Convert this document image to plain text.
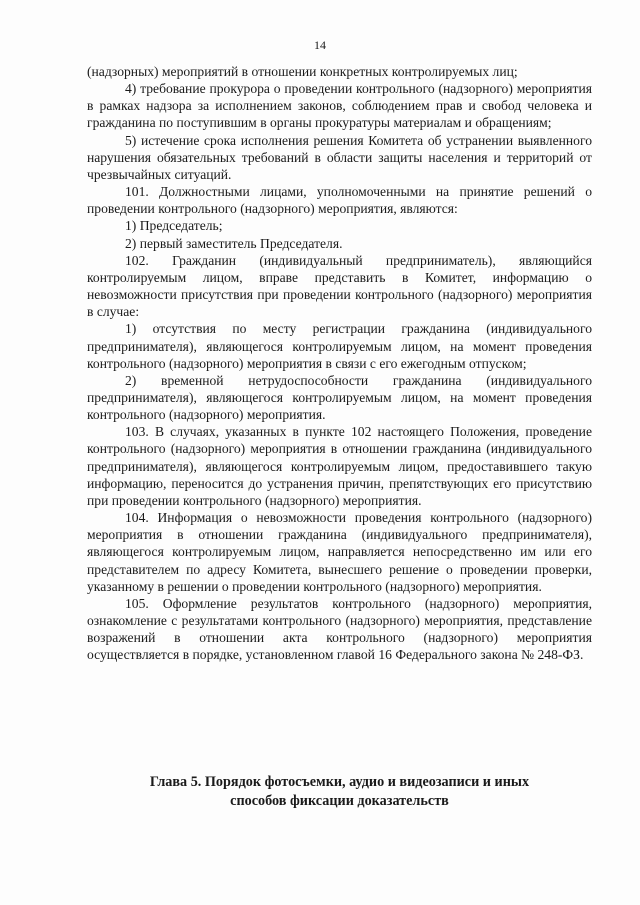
14

(надзорных) мероприятий в отношении конкретных контролируемых лиц;

4) требование прокурора о проведении контрольного (надзорного) мероприятия в рамках надзора за исполнением законов, соблюдением прав и свобод человека и гражданина по поступившим в органы прокуратуры материалам и обращениям;

5) истечение срока исполнения решения Комитета об устранении выявленного нарушения обязательных требований в области защиты населения и территорий от чрезвычайных ситуаций.

101. Должностными лицами, уполномоченными на принятие решений о проведении контрольного (надзорного) мероприятия, являются:

1) Председатель;

2) первый заместитель Председателя.

102. Гражданин (индивидуальный предприниматель), являющийся контролируемым лицом, вправе представить в Комитет, информацию о невозможности присутствия при проведении контрольного (надзорного) мероприятия в случае:

1) отсутствия по месту регистрации гражданина (индивидуального предпринимателя), являющегося контролируемым лицом, на момент проведения контрольного (надзорного) мероприятия в связи с его ежегодным отпуском;

2) временной нетрудоспособности гражданина (индивидуального предпринимателя), являющегося контролируемым лицом, на момент проведения контрольного (надзорного) мероприятия.

103. В случаях, указанных в пункте 102 настоящего Положения, проведение контрольного (надзорного) мероприятия в отношении гражданина (индивидуального предпринимателя), являющегося контролируемым лицом, предоставившего такую информацию, переносится до устранения причин, препятствующих его присутствию при проведении контрольного (надзорного) мероприятия.

104. Информация о невозможности проведения контрольного (надзорного) мероприятия в отношении гражданина (индивидуального предпринимателя), являющегося контролируемым лицом, направляется непосредственно им или его представителем по адресу Комитета, вынесшего решение о проведении проверки, указанному в решении о проведении контрольного (надзорного) мероприятия.

105. Оформление результатов контрольного (надзорного) мероприятия, ознакомление с результатами контрольного (надзорного) мероприятия, представление возражений в отношении акта контрольного (надзорного) мероприятия осуществляется в порядке, установленном главой 16 Федерального закона № 248-ФЗ.

Глава 5. Порядок фотосъемки, аудио и видеозаписи и иных
способов фиксации доказательств
